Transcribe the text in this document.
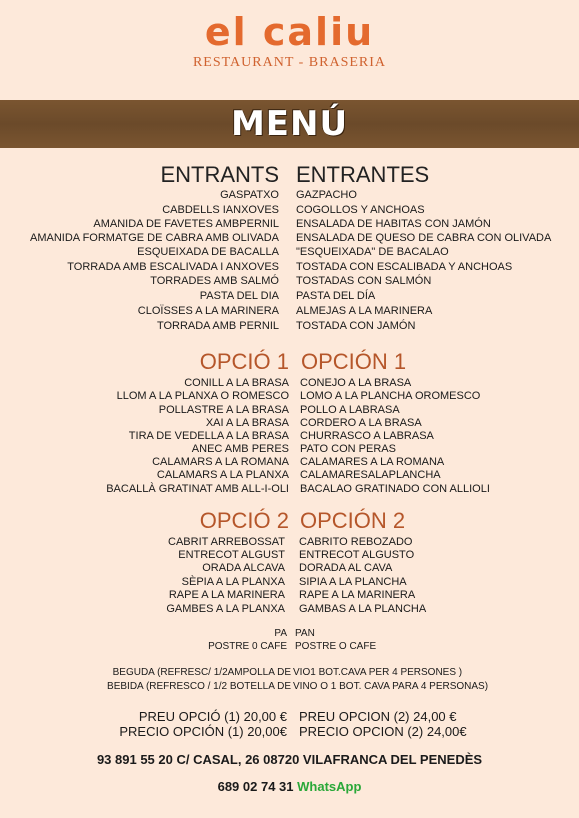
el caliu
RESTAURANT - BRASERIA
MENÚ
ENTRANTS ENTRANTES
GASPATXO GAZPACHO
CABDELLS IANXOVES COGOLLOS Y ANCHOAS
AMANIDA DE FAVETES AMBPERNIL ENSALADA DE HABITAS CON JAMÓN
AMANIDA FORMATGE DE CABRA AMB OLIVADA ENSALADA DE QUESO DE CABRA CON OLIVADA
ESQUEIXADA DE BACALLA "ESQUEIXADA" DE BACALAO
TORRADA AMB ESCALIVADA I ANXOVES TOSTADA CON ESCALIBADA Y ANCHOAS
TORRADES AMB SALMÓ TOSTADAS CON SALMÓN
PASTA DEL DIA PASTA DEL DÍA
CLOÏSSES A LA MARINERA ALMEJAS A LA MARINERA
TORRADA AMB PERNIL TOSTADA CON JAMÓN
OPCIÓ 1 OPCIÓN 1
CONILL A LA BRASA CONEJO A LA BRASA
LLOM A LA PLANXA O ROMESCO LOMO A LA PLANCHA OROMESCO
POLLASTRE A LA BRASA POLLO A LABRASA
XAI A LA BRASA CORDERO A LA BRASA
TIRA DE VEDELLA A LA BRASA CHURRASCO A LABRASA
ANEC AMB PERES PATO CON PERAS
CALAMARS A LA ROMANA CALAMARES A LA ROMANA
CALAMARS A LA PLANXA CALAMARESALAPLANCHA
BACALLÀ GRATINAT AMB ALL-I-OLI BACALAO GRATINADO CON ALLIOLI
OPCIÓ 2 OPCIÓN 2
CABRIT ARREBOSSAT CABRITO REBOZADO
ENTRECOT ALGUST ENTRECOT ALGUSTO
ORADA ALCAVA DORADA AL CAVA
SÈPIA A LA PLANXA SIPIA A LA PLANCHA
RAPE A LA MARINERA RAPE A LA MARINERA
GAMBES A LA PLANXA GAMBAS A LA PLANCHA
PA PAN
POSTRE 0 CAFE POSTRE O CAFE
BEGUDA (REFRESC/ 1/2AMPOLLA DE VIO1 BOT.CAVA PER 4 PERSONES )
BEBIDA (REFRESCO / 1/2 BOTELLA DE VINO O 1 BOT. CAVA PARA 4 PERSONAS)
PREU OPCIÓ (1) 20,00 € PREU OPCION (2) 24,00 €
PRECIO OPCIÓN (1) 20,00€ PRECIO OPCION (2) 24,00€
93 891 55 20 C/ CASAL, 26 08720 VILAFRANCA DEL PENEDÈS
689 02 74 31 WhatsApp
